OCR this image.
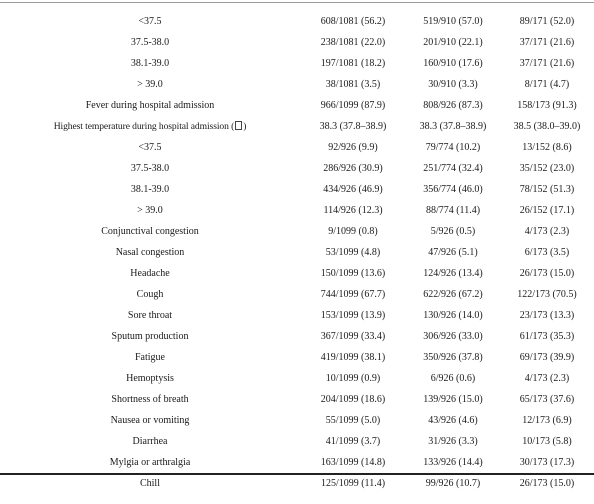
<37.5	608/1081 (56.2)	519/910 (57.0)	89/171 (52.0)
37.5-38.0	238/1081 (22.0)	201/910 (22.1)	37/171 (21.6)
38.1-39.0	197/1081 (18.2)	160/910 (17.6)	37/171 (21.6)
> 39.0	38/1081 (3.5)	30/910 (3.3)	8/171 (4.7)
Fever during hospital admission	966/1099 (87.9)	808/926 (87.3)	158/173 (91.3)
Highest temperature during hospital admission ( )	38.3 (37.8–38.9)	38.3 (37.8–38.9)	38.5 (38.0–39.0)
<37.5	92/926 (9.9)	79/774 (10.2)	13/152 (8.6)
37.5-38.0	286/926 (30.9)	251/774 (32.4)	35/152 (23.0)
38.1-39.0	434/926 (46.9)	356/774 (46.0)	78/152 (51.3)
> 39.0	114/926 (12.3)	88/774 (11.4)	26/152 (17.1)
Conjunctival congestion	9/1099 (0.8)	5/926 (0.5)	4/173 (2.3)
Nasal congestion	53/1099 (4.8)	47/926 (5.1)	6/173 (3.5)
Headache	150/1099 (13.6)	124/926 (13.4)	26/173 (15.0)
Cough	744/1099 (67.7)	622/926 (67.2)	122/173 (70.5)
Sore throat	153/1099 (13.9)	130/926 (14.0)	23/173 (13.3)
Sputum production	367/1099 (33.4)	306/926 (33.0)	61/173 (35.3)
Fatigue	419/1099 (38.1)	350/926 (37.8)	69/173 (39.9)
Hemoptysis	10/1099 (0.9)	6/926 (0.6)	4/173 (2.3)
Shortness of breath	204/1099 (18.6)	139/926 (15.0)	65/173 (37.6)
Nausea or vomiting	55/1099 (5.0)	43/926 (4.6)	12/173 (6.9)
Diarrhea	41/1099 (3.7)	31/926 (3.3)	10/173 (5.8)
Mylgia or arthralgia	163/1099 (14.8)	133/926 (14.4)	30/173 (17.3)
Chill	125/1099 (11.4)	99/926 (10.7)	26/173 (15.0)
